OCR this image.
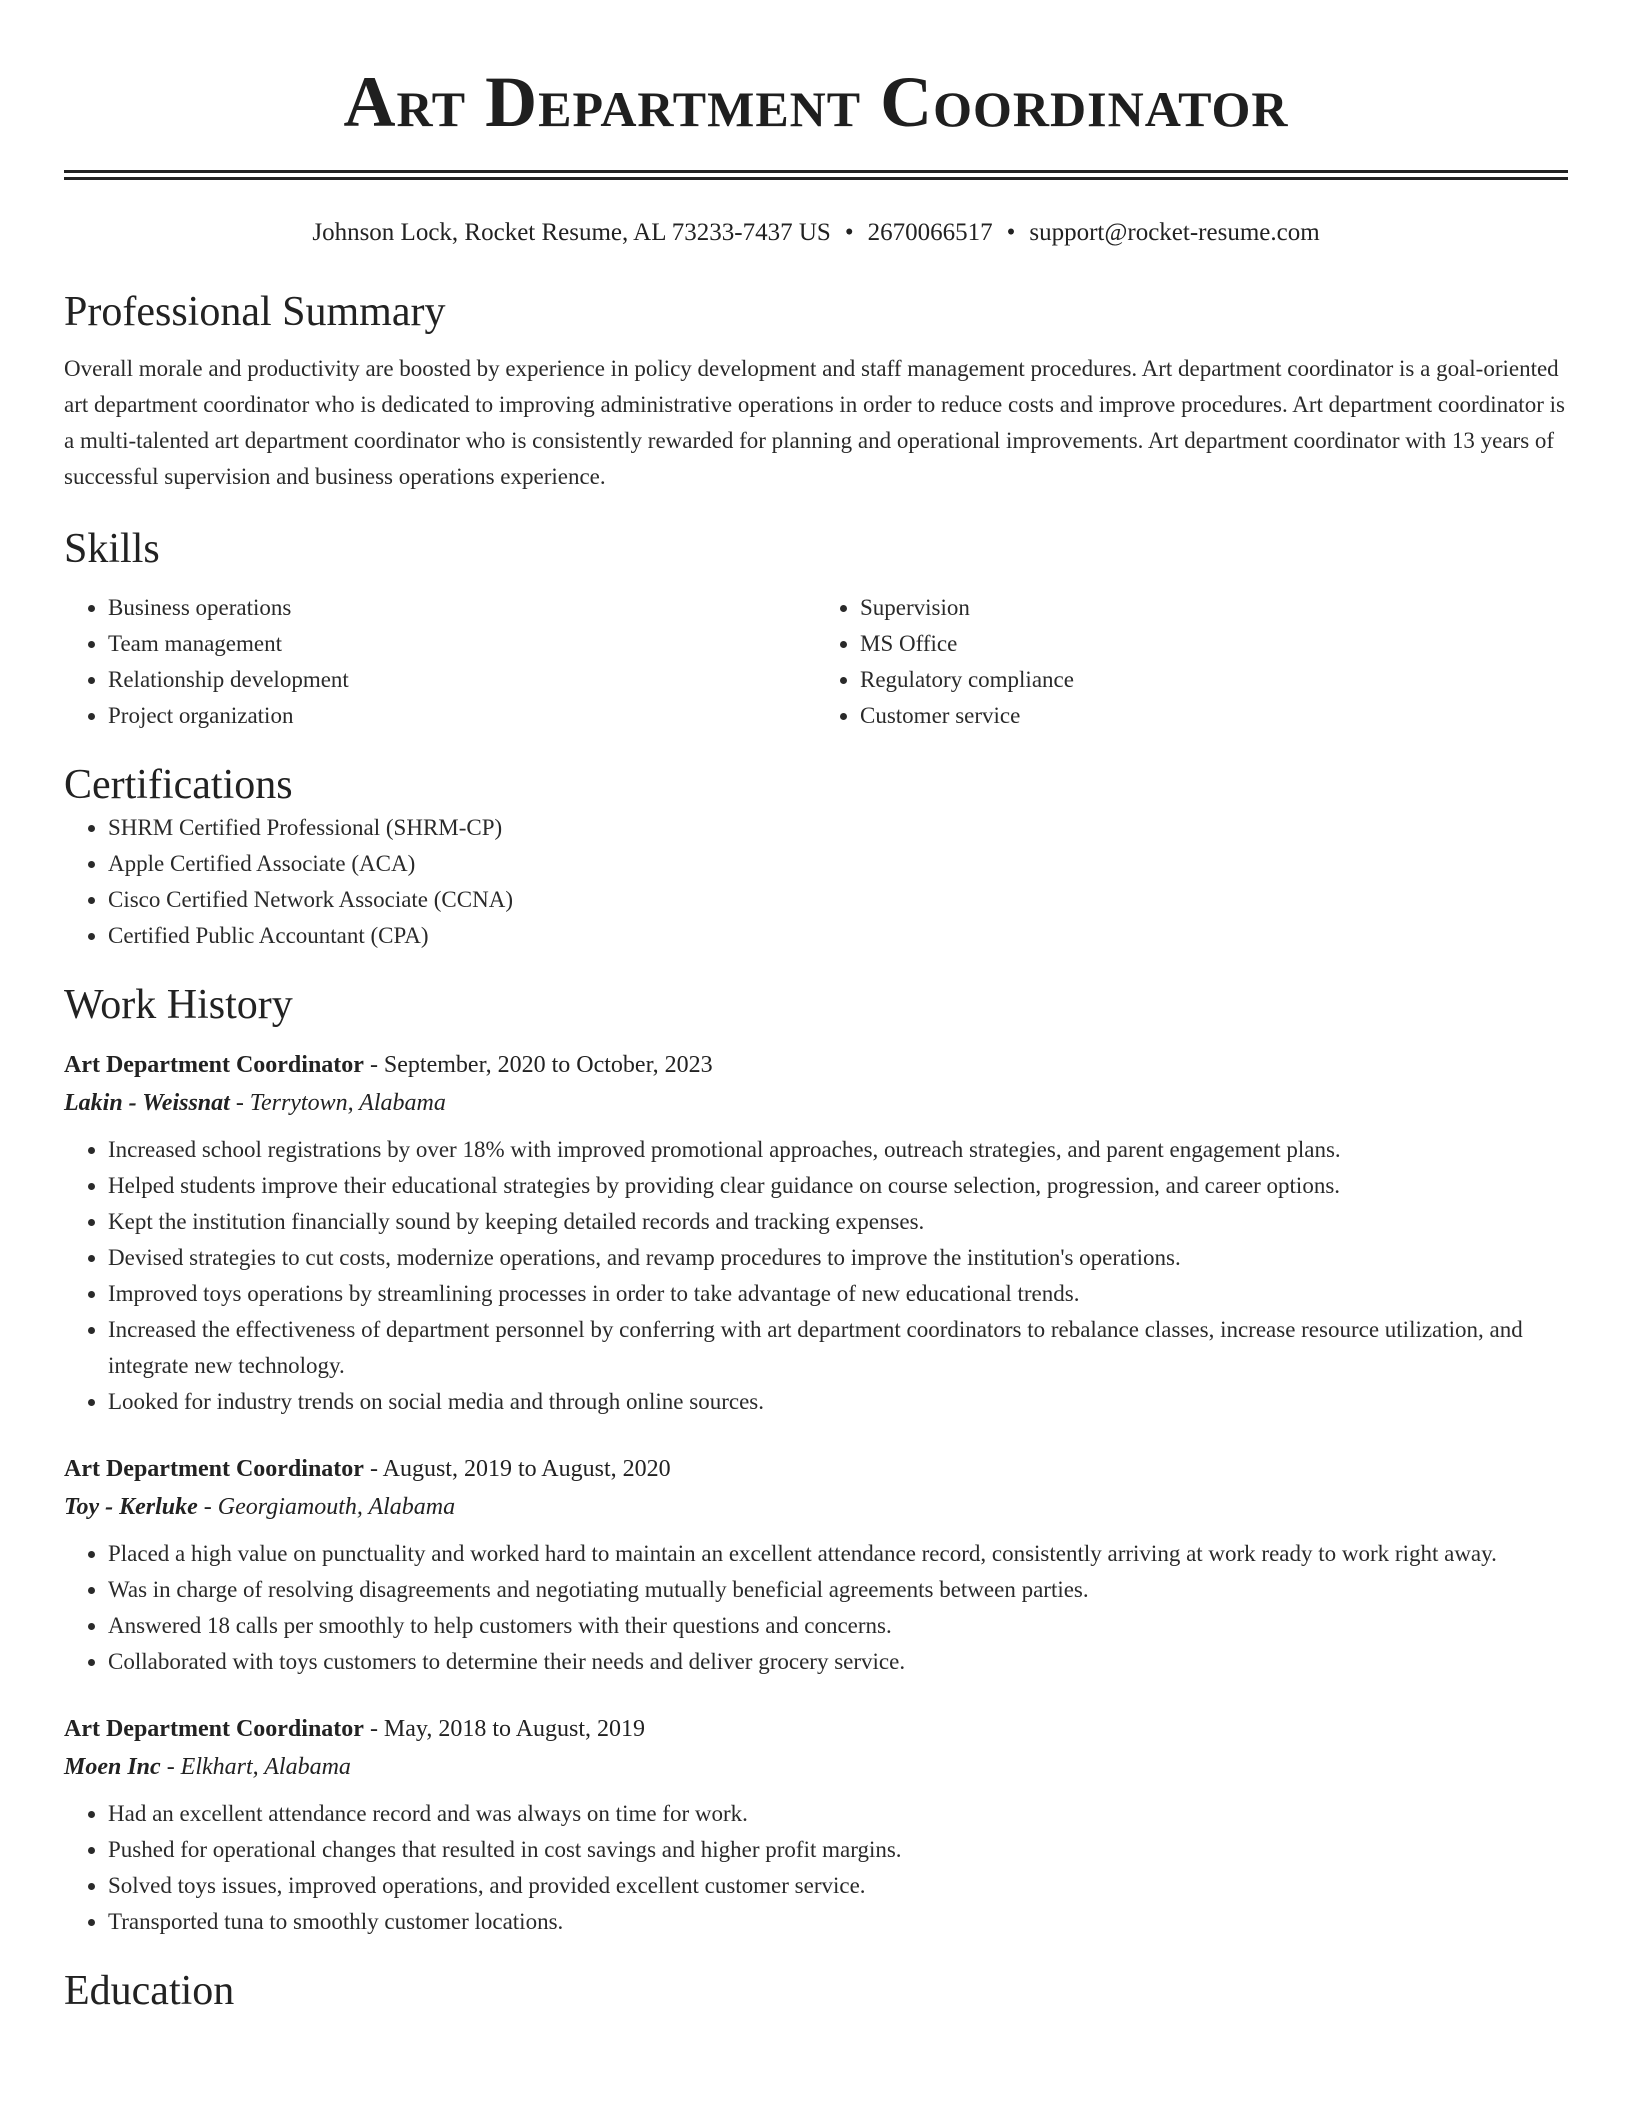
Art Department Coordinator
Johnson Lock, Rocket Resume, AL 73233-7437 US • 2670066517 • support@rocket-resume.com
Professional Summary

Overall morale and productivity are boosted by experience in policy development and staff management procedures. Art department coordinator is a goal-oriented art department coordinator who is dedicated to improving administrative operations in order to reduce costs and improve procedures. Art department coordinator is a multi-talented art department coordinator who is consistently rewarded for planning and operational improvements. Art department coordinator with 13 years of successful supervision and business operations experience.

Skills
• Business operations
• Team management
• Relationship development
• Project organization
• Supervision
• MS Office
• Regulatory compliance
• Customer service
Certifications
• SHRM Certified Professional (SHRM-CP)
• Apple Certified Associate (ACA)
• Cisco Certified Network Associate (CCNA)
• Certified Public Accountant (CPA)
Work History
Art Department Coordinator - September, 2020 to October, 2023
Lakin - Weissnat - Terrytown, Alabama
• Increased school registrations by over 18% with improved promotional approaches, outreach strategies, and parent engagement plans.
• Helped students improve their educational strategies by providing clear guidance on course selection, progression, and career options.
• Kept the institution financially sound by keeping detailed records and tracking expenses.
• Devised strategies to cut costs, modernize operations, and revamp procedures to improve the institution's operations.
• Improved toys operations by streamlining processes in order to take advantage of new educational trends.
• Increased the effectiveness of department personnel by conferring with art department coordinators to rebalance classes, increase resource utilization, and integrate new technology.
• Looked for industry trends on social media and through online sources.
Art Department Coordinator - August, 2019 to August, 2020
Toy - Kerluke - Georgiamouth, Alabama
• Placed a high value on punctuality and worked hard to maintain an excellent attendance record, consistently arriving at work ready to work right away.
• Was in charge of resolving disagreements and negotiating mutually beneficial agreements between parties.
• Answered 18 calls per smoothly to help customers with their questions and concerns.
• Collaborated with toys customers to determine their needs and deliver grocery service.
Art Department Coordinator - May, 2018 to August, 2019
Moen Inc - Elkhart, Alabama
• Had an excellent attendance record and was always on time for work.
• Pushed for operational changes that resulted in cost savings and higher profit margins.
• Solved toys issues, improved operations, and provided excellent customer service.
• Transported tuna to smoothly customer locations.
Education
